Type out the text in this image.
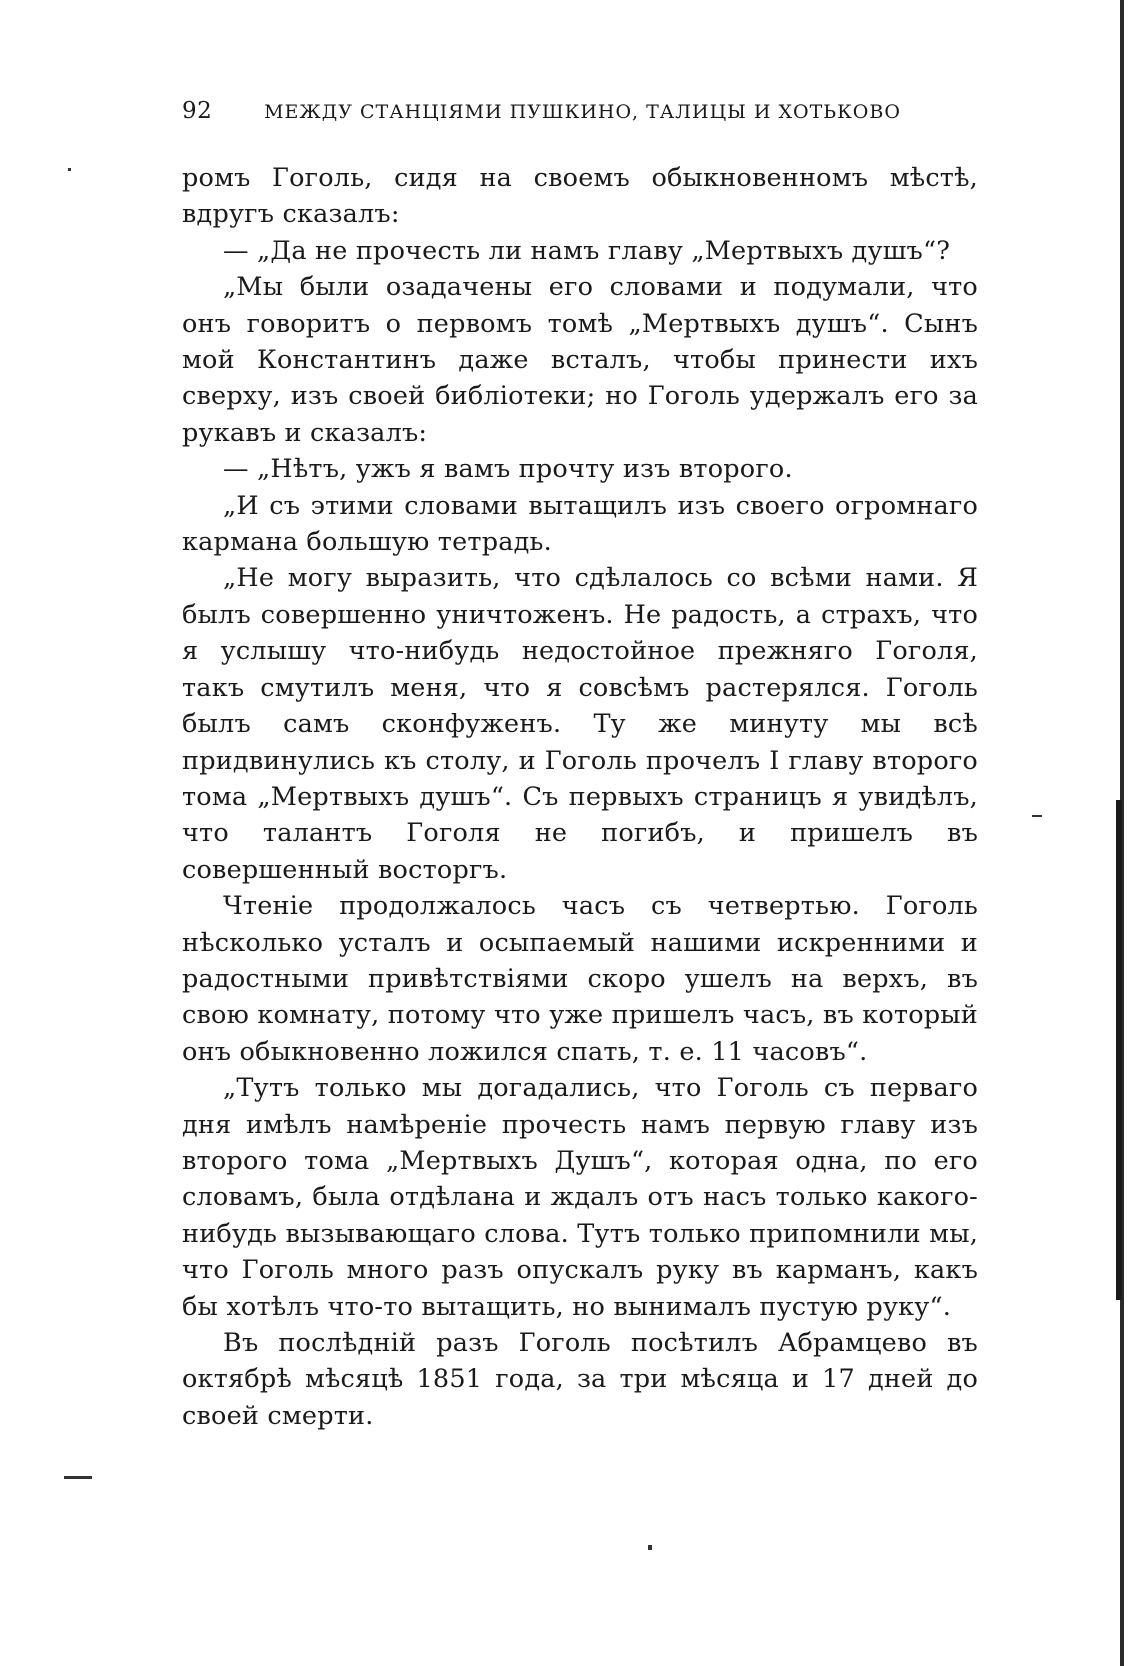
92	МЕЖДУ СТАНЦІЯМИ ПУШКИНО, ТАЛИЦЫ И ХОТЬКОВО

ромъ Гоголь, сидя на своемъ обыкновенномъ мѣстѣ, вдругъ сказалъ:

— „Да не прочесть ли намъ главу „Мертвыхъ душъ“?

„Мы были озадачены его словами и подумали, что онъ говоритъ о первомъ томѣ „Мертвыхъ душъ“. Сынъ мой Константинъ даже всталъ, чтобы принести ихъ сверху, изъ своей библіотеки; но Гоголь удержалъ его за рукавъ и сказалъ:

— „Нѣтъ, ужъ я вамъ прочту изъ второго.

„И съ этими словами вытащилъ изъ своего огромнаго кармана большую тетрадь.

„Не могу выразить, что сдѣлалось со всѣми нами. Я былъ совершенно уничтоженъ. Не радость, а страхъ, что я услышу что-нибудь недостойное прежняго Гоголя, такъ смутилъ меня, что я совсѣмъ растерялся. Гоголь былъ самъ сконфуженъ. Ту же минуту мы всѣ придвинулись къ столу, и Гоголь прочелъ I главу второго тома „Мертвыхъ душъ“. Съ первыхъ страницъ я увидѣлъ, что талантъ Гоголя не погибъ, и пришелъ въ совершенный восторгъ.

Чтеніе продолжалось часъ съ четвертью. Гоголь нѣсколько усталъ и осыпаемый нашими искренними и радостными привѣтствіями скоро ушелъ на верхъ, въ свою комнату, потому что уже пришелъ часъ, въ который онъ обыкновенно ложился спать, т. е. 11 часовъ“.

„Тутъ только мы догадались, что Гоголь съ перваго дня имѣлъ намѣреніе прочесть намъ первую главу изъ второго тома „Мертвыхъ Душъ“, которая одна, по его словамъ, была отдѣлана и ждалъ отъ насъ только какого-нибудь вызывающаго слова. Тутъ только припомнили мы, что Гоголь много разъ опускалъ руку въ карманъ, какъ бы хотѣлъ что-то вытащить, но вынималъ пустую руку“.

Въ послѣдній разъ Гоголь посѣтилъ Абрамцево въ октябрѣ мѣсяцѣ 1851 года, за три мѣсяца и 17 дней до своей смерти.
